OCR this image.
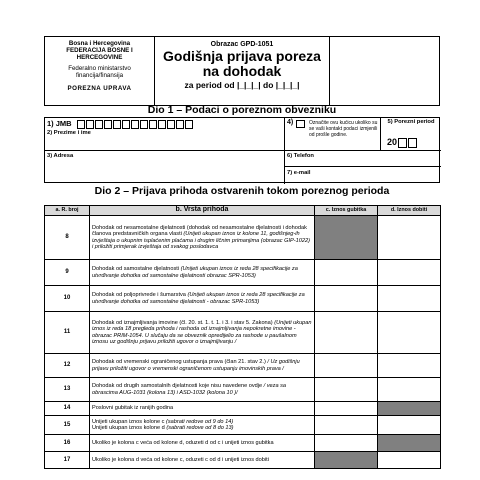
Bosna i Hercegovina
FEDERACIJA BOSNE I HERCEGOVINE
Federalno ministarstvo financija/finansija
POREZNA UPRAVA
Obrazac GPD-1051
Godišnja prijava poreza
na dohodak
za period od |_|_|_| do |_|_|_|
Dio 1 – Podaci o poreznom obvezniku
1) JMB
2) Prezime i ime
3) Adresa
4)	Označite ovu kućicu ukoliko su se vaši kontakt podaci izmjenili od prošle godine.
5) Porezni period
20
6) Telefon
7) e-mail
Dio 2 – Prijava prihoda ostvarenih tokom poreznog perioda
a. R. broj	b. Vrsta prihoda	c. Iznos gubitka	d. Iznos dobiti
8	Dohodak od nesamostalne djelatnosti (dohodak od nesamostalne djelatnosti i dohodak članova predstavničkih organa vlasti (Unijeti ukupan iznos iz kolone 11, godišnjeg-ih izvještaja o ukupnim isplaćenim plaćama i drugim ličnim primanjima (obrazac GIP-1022) i priložiti primjerak izvještaja od svakog poslodavca		
9	Dohodak od samostalne djelatnosti (Unijeti ukupan iznos iz reda 28 specifikacije za utvrđivanje dohotka od samostalne djelatnosti obrazac SPR-1053)		
10	Dohodak od poljoprivrede i šumarstva (Unijeti ukupan iznos iz reda 28 specifikacije za utvrđivanje dohotka od samostalne djelatnosti - obrazac SPR-1053)		
11	Dohodak od iznajmljivanja imovine (čl. 20. st. 1. t. 1. i 3. i stav 5. Zakona) (Unijeti ukupan iznos iz reda 18 pregleda prihoda i rashoda od iznajmljivanja nepokretne imovine - obrazac PRIM-1054. U slučaju da se obveznik opredijelio za rashode u paušalnom iznosu uz godišnju prijavu priložiti ugovor o iznajmljivanju /		
12	Dohodak od vremenski ograničenog ustupanja prava (član 21. stav 2.) / Uz godišnju prijavu priložiti ugovor o vremenski ograničenom ustupanju imovinskih prava /		
13	Dohodak od drugih samostalnih djelatnosti koje nisu navedene ovdje / veza sa obrascima AUG-1031 (kolona 13) i ASD-1032 (kolona 10 )/		
14	Poslovni gubitak iz ranijih godina		
15	Unijeti ukupan iznos kolone c (sabrati redove od 9 do 14)
Unijeti ukupan iznos kolone d (sabrati redove od 8 do 13)		
16	Ukoliko je kolona c veća od kolone d, oduzeti d od c i unijeti iznos gubitka		
17	Ukoliko je kolona d veća od kolone c, oduzeti c od d i unijeti iznos dobiti		
